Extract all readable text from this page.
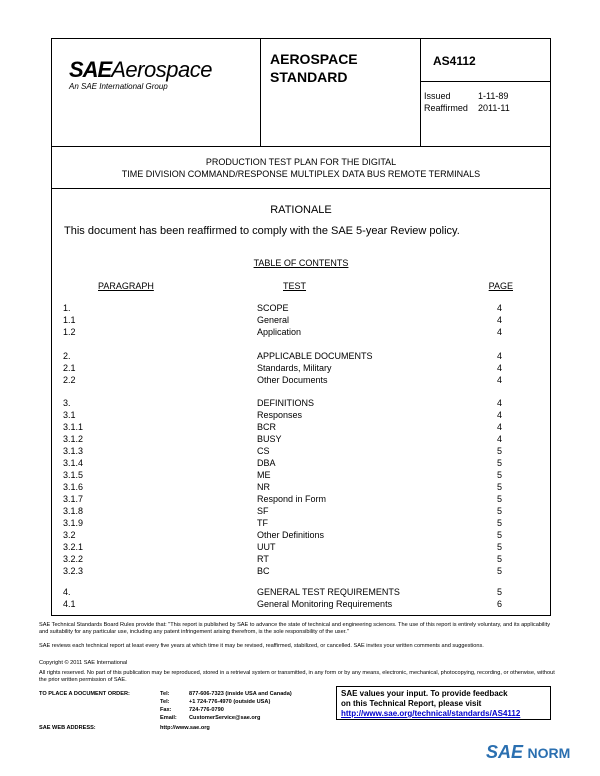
SAEAerospace
An SAE International Group
AEROSPACE
STANDARD
AS4112
Issued	1-11-89
Reaffirmed 2011-11
PRODUCTION TEST PLAN FOR THE DIGITAL
TIME DIVISION COMMAND/RESPONSE MULTIPLEX DATA BUS REMOTE TERMINALS
RATIONALE
This document has been reaffirmed to comply with the SAE 5-year Review policy.
TABLE OF CONTENTS
PARAGRAPH	TEST	PAGE
1.	SCOPE	4
1.1	General	4
1.2	Application	4
2.	APPLICABLE DOCUMENTS	4
2.1	Standards, Military	4
2.2	Other Documents	4
3.	DEFINITIONS	4
3.1	Responses	4
3.1.1	BCR	4
3.1.2	BUSY	4
3.1.3	CS	5
3.1.4	DBA	5
3.1.5	ME	5
3.1.6	NR	5
3.1.7	Respond in Form	5
3.1.8	SF	5
3.1.9	TF	5
3.2	Other Definitions	5
3.2.1	UUT	5
3.2.2	RT	5
3.2.3	BC	5
4.	GENERAL TEST REQUIREMENTS	5
4.1	General Monitoring Requirements	6
SAE Technical Standards Board Rules provide that: "This report is published by SAE to advance the state of technical and engineering sciences. The use of this report is entirely voluntary, and its applicability and suitability for any particular use, including any patent infringement arising therefrom, is the sole responsibility of the user."
SAE reviews each technical report at least every five years at which time it may be revised, reaffirmed, stabilized, or cancelled. SAE invites your written comments and suggestions.
Copyright © 2011 SAE International
All rights reserved. No part of this publication may be reproduced, stored in a retrieval system or transmitted, in any form or by any means, electronic, mechanical, photocopying, recording, or otherwise, without the prior written permission of SAE.
TO PLACE A DOCUMENT ORDER:	Tel:	877-606-7323 (inside USA and Canada)
Tel:	+1 724-776-4970 (outside USA)
Fax:	724-776-0790
Email: CustomerService@sae.org
SAE WEB ADDRESS:	http://www.sae.org
SAE values your input. To provide feedback
on this Technical Report, please visit
http://www.sae.org/technical/standards/AS4112
SAE NORM
